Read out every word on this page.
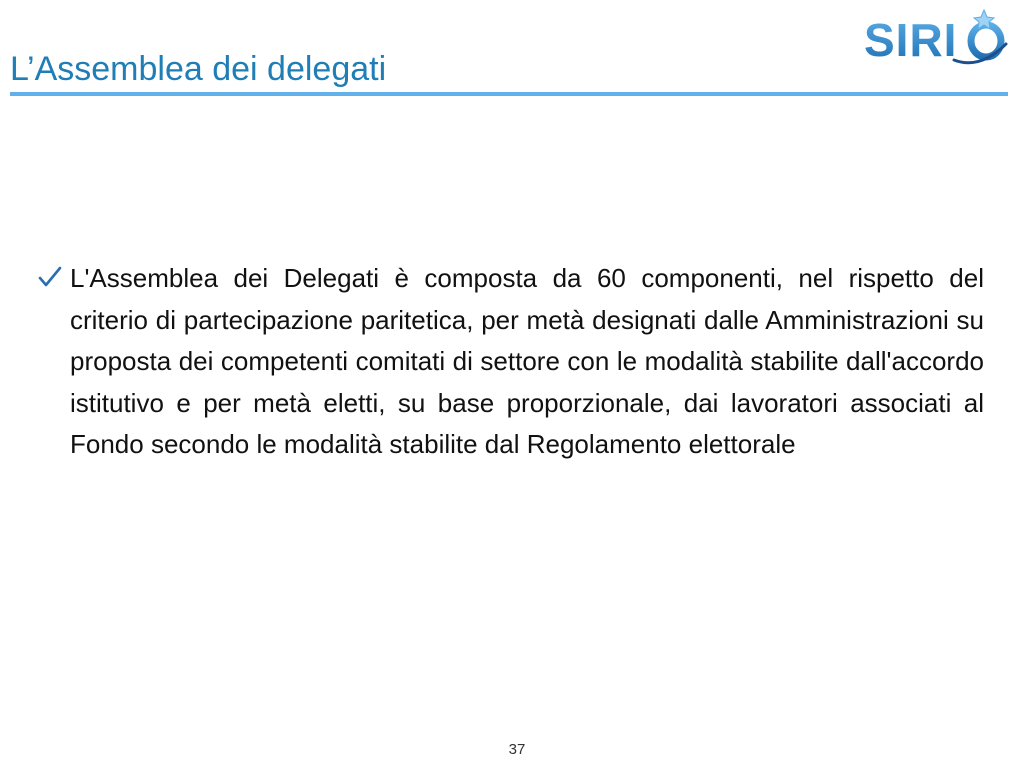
L’Assemblea dei delegati
SIRI

L'Assemblea dei Delegati è composta da 60 componenti, nel rispetto del criterio di partecipazione paritetica, per metà designati dalle Amministrazioni su proposta dei competenti comitati di settore con le modalità stabilite dall'accordo istitutivo e per metà eletti, su base proporzionale, dai lavoratori associati al Fondo secondo le modalità stabilite dal Regolamento elettorale

37
